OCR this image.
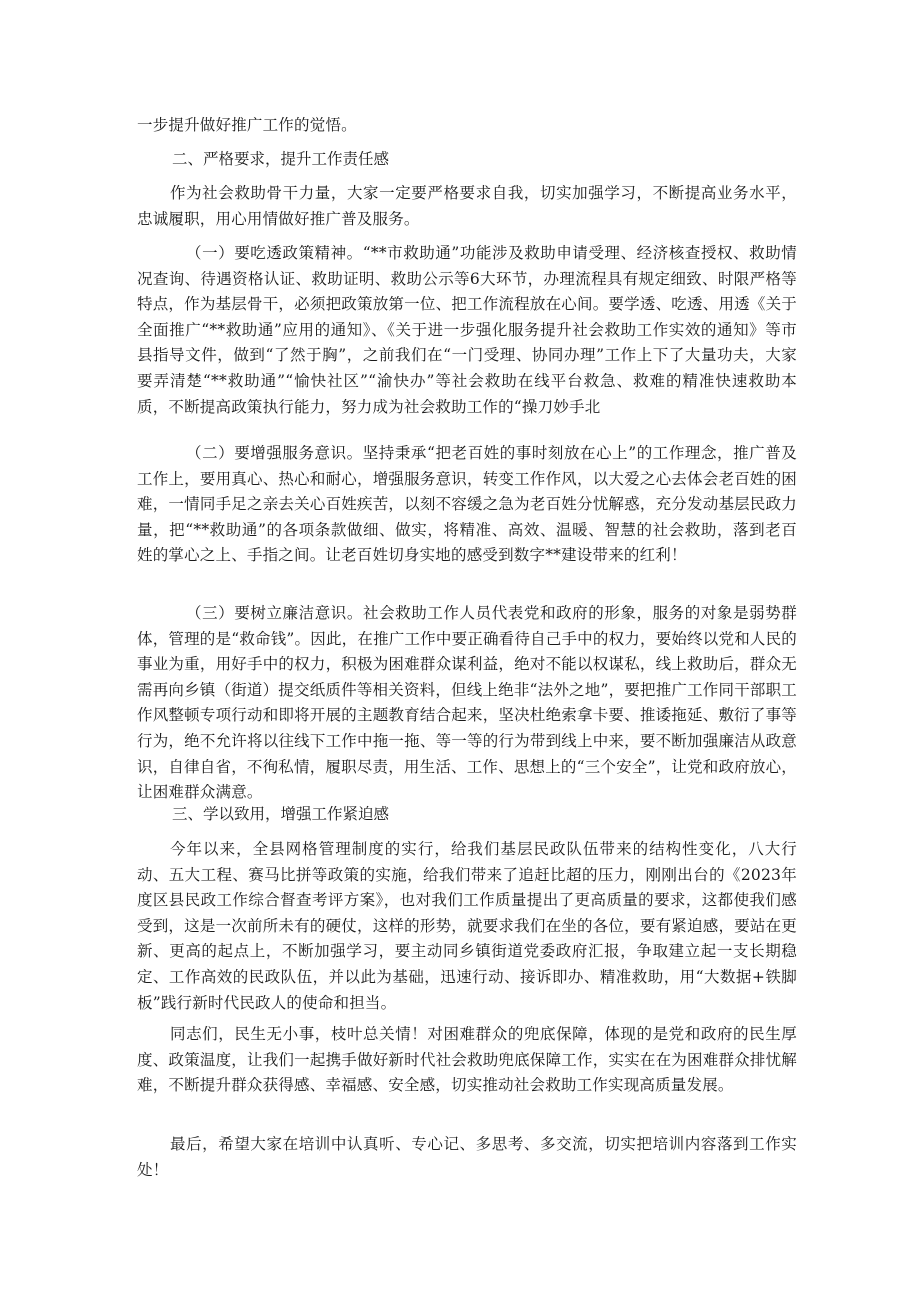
一步提升做好推广工作的觉悟。
二、严格要求，提升工作责任感
作为社会救助骨干力量，大家一定要严格要求自我，切实加强学习，不断提高业务水平，忠诚履职，用心用情做好推广普及服务。
（一）要吃透政策精神。“**市救助通”功能涉及救助申请受理、经济核查授权、救助情况查询、待遇资格认证、救助证明、救助公示等6大环节，办理流程具有规定细致、时限严格等特点，作为基层骨干，必须把政策放第一位、把工作流程放在心间。要学透、吃透、用透《关于全面推广“**救助通”应用的通知》、《关于进一步强化服务提升社会救助工作实效的通知》等市县指导文件，做到“了然于胸”，之前我们在“一门受理、协同办理”工作上下了大量功夫，大家要弄清楚“**救助通”“愉快社区”“渝快办”等社会救助在线平台救急、救难的精准快速救助本质，不断提高政策执行能力，努力成为社会救助工作的“操刀妙手北
（二）要增强服务意识。坚持秉承“把老百姓的事时刻放在心上”的工作理念，推广普及工作上，要用真心、热心和耐心，增强服务意识，转变工作作风，以大爱之心去体会老百姓的困难，一情同手足之亲去关心百姓疾苦，以刻不容缓之急为老百姓分忧解惑，充分发动基层民政力量，把“**救助通”的各项条款做细、做实，将精准、高效、温暖、智慧的社会救助，落到老百姓的掌心之上、手指之间。让老百姓切身实地的感受到数字**建设带来的红利！
（三）要树立廉洁意识。社会救助工作人员代表党和政府的形象，服务的对象是弱势群体，管理的是“救命钱”。因此，在推广工作中要正确看待自己手中的权力，要始终以党和人民的事业为重，用好手中的权力，积极为困难群众谋利益，绝对不能以权谋私，线上救助后，群众无需再向乡镇（街道）提交纸质件等相关资料，但线上绝非“法外之地”，要把推广工作同干部职工作风整顿专项行动和即将开展的主题教育结合起来，坚决杜绝索拿卡要、推诿拖延、敷衍了事等行为，绝不允许将以往线下工作中拖一拖、等一等的行为带到线上中来，要不断加强廉洁从政意识，自律自省，不徇私情，履职尽责，用生活、工作、思想上的“三个安全”，让党和政府放心，让困难群众满意。
三、学以致用，增强工作紧迫感
今年以来，全县网格管理制度的实行，给我们基层民政队伍带来的结构性变化，八大行动、五大工程、赛马比拼等政策的实施，给我们带来了追赶比超的压力，刚刚出台的《2023年度区县民政工作综合督查考评方案》，也对我们工作质量提出了更高质量的要求，这都使我们感受到，这是一次前所未有的硬仗，这样的形势，就要求我们在坐的各位，要有紧迫感，要站在更新、更高的起点上，不断加强学习，要主动同乡镇街道党委政府汇报，争取建立起一支长期稳定、工作高效的民政队伍，并以此为基础，迅速行动、接诉即办、精准救助，用“大数据+铁脚板”践行新时代民政人的使命和担当。
同志们，民生无小事，枝叶总关情！对困难群众的兜底保障，体现的是党和政府的民生厚度、政策温度，让我们一起携手做好新时代社会救助兜底保障工作，实实在在为困难群众排忧解难，不断提升群众获得感、幸福感、安全感，切实推动社会救助工作实现高质量发展。
最后，希望大家在培训中认真听、专心记、多思考、多交流，切实把培训内容落到工作实处！
